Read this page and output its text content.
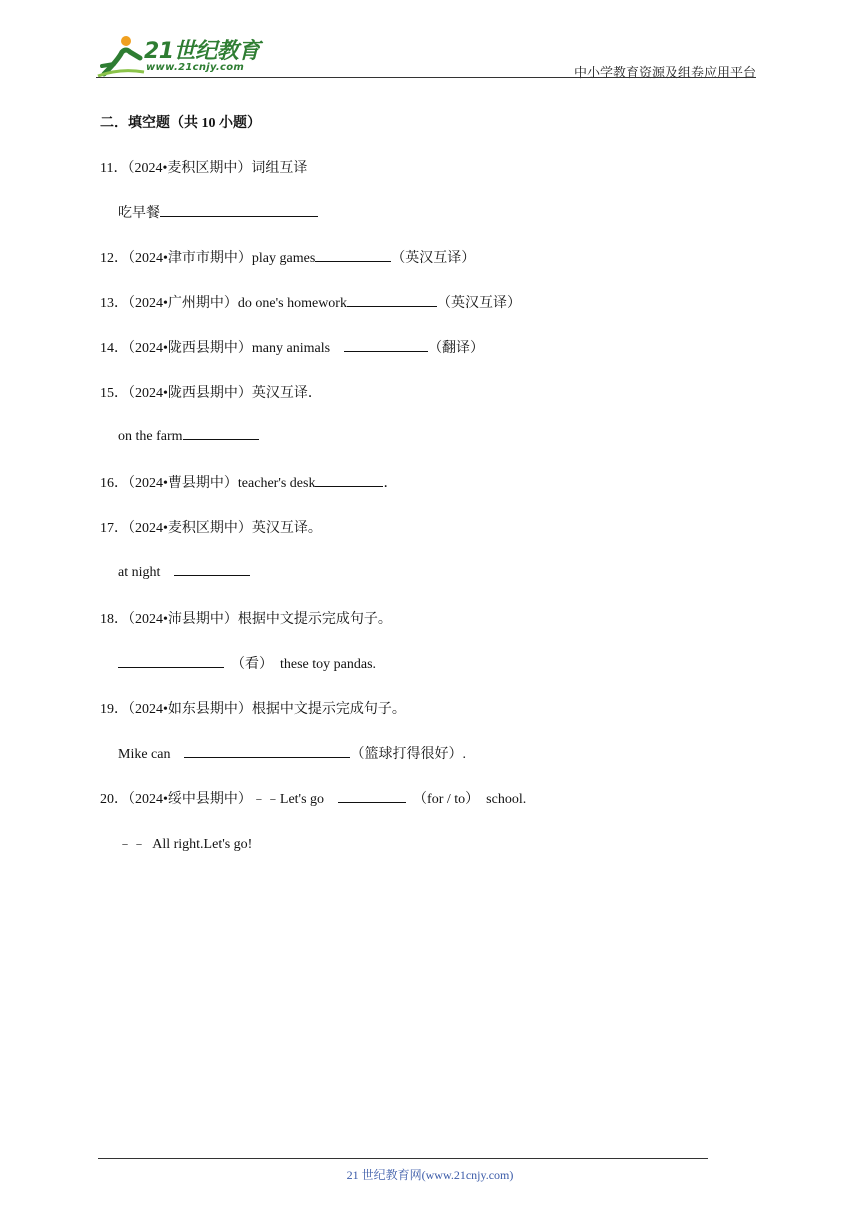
21世纪教育
www.21cnjy.com	中小学教育资源及组卷应用平台
二．填空题（共 10 小题）
11．（2024•麦积区期中）词组互译
吃早餐
12．（2024•津市市期中）play games	（英汉互译）
13．（2024•广州期中）do one's homework	（英汉互译）
14．（2024•陇西县期中）many animals	（翻译）
15．（2024•陇西县期中）英汉互译．
on the farm
16．（2024•曹县期中）teacher's desk	．
17．（2024•麦积区期中）英汉互译。
at night
18．（2024•沛县期中）根据中文提示完成句子。
（看） these toy pandas.
19．（2024•如东县期中）根据中文提示完成句子。
Mike can	（篮球打得很好）.
20．（2024•绥中县期中）﹣﹣Let's go	（for / to） school.
﹣﹣  All right.Let's go!
21 世纪教育网(www.21cnjy.com)
